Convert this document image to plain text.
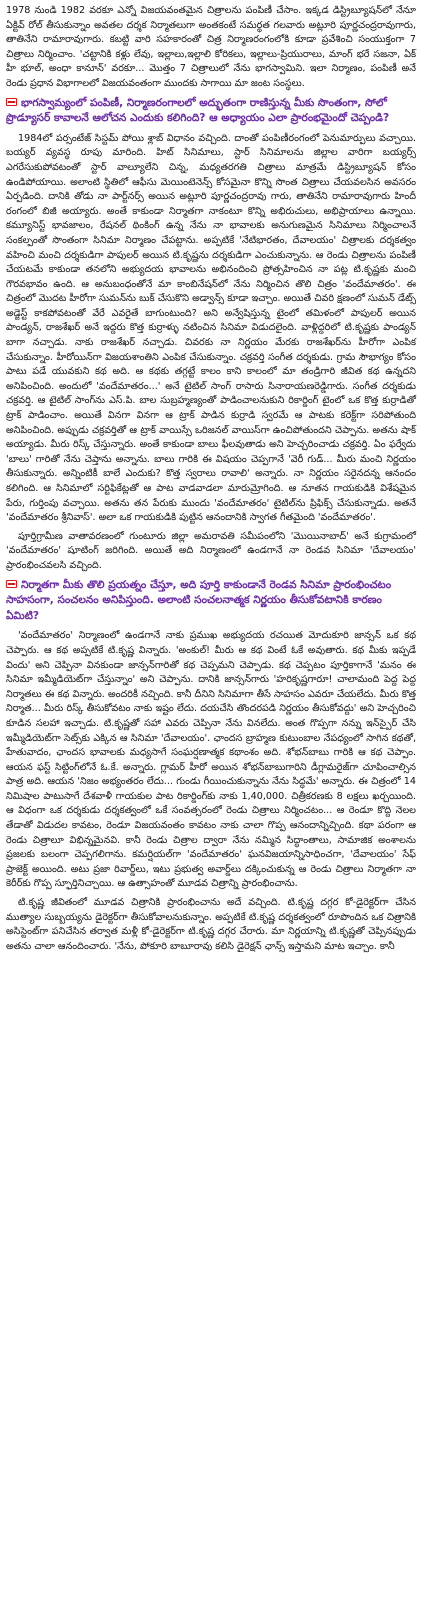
1978 నుండి 1982 వరకూ ఎన్నో విజయవంతమైన చిత్రాలను పంపిణీ చేసాం. ఇక్కడ డిస్ట్రిబ్యూషన్‌లో నేనూ ఏక్టివ్ రోల్ తీసుకున్నాం అవతల దర్శక నిర్మాతలుగా అంతకంటే సమర్థత గలవారు అట్లూరి పూర్ణచంద్రరావుగారు, తాతినేని రామారావుగారు. కబట్టి వారి సహకారంతో చిత్ర నిర్మాణరంగంలోకి కూడా ప్రవేశించి సంయుక్తంగా 7 చిత్రాలు నిర్మించాం. 'చట్టానికి కళ్లు లేవు, ఇల్లాలు,ఇల్లాలి కోరికలు, ఇల్లాలు-ప్రియురాలు, మాంగ్ భరే సజనా, ఏక్ హీ భూల్, అంధా కానూన్' వరకూ... మొత్తం 7 చిత్రాలులో నేను భాగస్వామిని. ఇలా నిర్మాణం, పంపిణీ అనే రెండు ప్రధాన విభాగాలలో విజయవంతంగా ముందకు సాగాయి మా జంట సంస్థలు.

భాగస్వామ్యంలో పంపిణీ, నిర్మాణరంగాలలో అద్భుతంగా రాణిస్తున్న మీకు సొంతంగా, సోలో ప్రొడ్యూసర్ కావాలనే ఆలోచన ఎందుకు కలిగింది? ఆ అధ్యాయం ఎలా ప్రారంభమైందో చెప్పండి?

1984లో పర్సంటేజ్ సిస్టమ్ పోయి శ్లాబ్ విధానం వచ్చింది. దాంతో పంపిణీరంగంలో పెనుమార్పులు వచ్చాయి. బయ్యర్ వ్యవస్థ రూపు మారింది. హిట్ సినిమాలు, స్టార్ సినిమాలను జిల్లాల వారిగా బయ్యర్స్ ఎగరేసుకుపోవటంతో స్టార్ వాల్యూలేని చిన్న, మధ్యతరగతి చిత్రాలు మాత్రమే డిస్ట్రిబ్యూషన్ కోసం ఉండిపోయాయి. అలాంటి స్థితిలో ఆఫీసు మెయింటెనెన్స్ కోసమైనా కొన్ని సొంత చిత్రాలు చేయవలసిన అవసరం ఏర్పడింది. దానికి తోడు నా పార్ట్‌నర్స్ అయిన అట్లూరి పూర్ణచంద్రరావు గారు, తాతినేని రామారావుగారు హిందీ రంగంలో బిజీ అయ్యారు. అంతే కాకుండా నిర్మాతగా నాకంటూ కొన్ని అభిరుచులు, అభిప్రాయాలు ఉన్నాయి. కమ్యూనిస్ట్ భావజాలం, రేషనల్ థింకింగ్ ఉన్న నేను నా భావాలకు అనుగుణమైన సినిమాలు నిర్మించాలనే సంకల్పంతో సొంతంగా సినిమా నిర్మాణం చేపట్టాను. అప్పటికే 'నేటిభారతం, దేవాలయం' చిత్రాలకు దర్శకత్వం వహించి మంచి దర్శకుడిగా పాపులర్ అయిన టి.కృష్ణను దర్శకుడిగా ఎంచుకున్నాను. ఆ రెండు చిత్రాలను పంపిణీ చేయటమే కాకుండా తనలోని అభ్యుదయ భావాలను అభినందించి ప్రోత్సహించిన నా పట్ల టి.కృష్ణకు మంచి గౌరవభావం ఉంది. ఆ అనుబంధంతోనే మా కాంబినేషన్‌లో నేను నిర్మించిన తొలి చిత్రం 'వందేమాతరం'. ఈ చిత్రంలో మొదట హీరోగా సుమన్‌ను బుక్ చేసుకొని అడ్వాన్స్ కూడా ఇచ్చాం. అయితే చివరి క్షణంలో సుమన్ డేట్స్ అడ్జెస్ట్ కాకపోవటంతో వేరే ఎవరైతే బాగుంటుంది? అని అన్వేషిస్తున్న టైంలో తమిళంలో పాపులర్ అయిన పాండ్యన్, రాజశేఖర్ అనే ఇద్దరు కొత్త కుర్రాళ్ళు నటించిన సినిమా విడుదలైంది. వాళ్లిద్దరిలో టి.కృష్ణకు పాండ్యన్ బాగా నచ్చాడు. నాకు రాజశేఖర్ నచ్చాడు. చివరకు నా నిర్ణయం మేరకు రాజశేఖర్‌ను హీరోగా ఎంపిక చేసుకున్నాం. హీరోయిన్‌గా విజయశాంతిని ఎంపిక చేసుకున్నాం. చక్రవర్తి సంగీత దర్శకుడు. గ్రామ సౌభాగ్యం కోసం పాటు పడే యువకుని కథ అది. ఆ కథకు తగ్గట్టే కాలం కాని కాలంలో మా తండ్రిగారి జీవిత కథ ఉన్నదని అనిపించింది. అందులో 'వందేమాతరం...' అనే టైటిల్ సాంగ్ రాసారు సినారాయణరెడ్డిగారు. సంగీత దర్శకుడు చక్రవర్తి. ఆ టైటిల్ సాంగ్‌ను ఎస్.పి. బాల సుబ్రహ్మణ్యంతో పాడించాలనుకుని రికార్డింగ్ టైంలో ఒక కొత్త కుర్రాడితో ట్రాక్ పాడించాం. అయితే వినగా వినగా ఆ ట్రాక్ పాడిన కుర్రాడి స్వరమే ఆ పాటకు కరెక్ట్‌గా సరిపోతుంది అనిపించింది. అప్పుడు చక్రవర్తితో ఆ ట్రాక్ వాయిస్సే ఒరిజనల్ వాయిస్‌గా ఉంచిపోతుందని చెప్పాను. అతను షాక్ అయ్యాడు. మీరు రిస్క్ చేస్తున్నారు. అంతే కాకుండా బాలు ఫీలవుతాడు అని హెచ్చరించాడు చక్రవర్తి. ఏం ఫర్వేదు 'బాలు' గారితో నేను చెప్తాను అన్నాను. బాలు గారికి ఈ విషయం చెప్పగానే 'వెరీ గుడ్... మీరు మంచి నిర్ణయం తీసుకున్నారు. అన్నింటికీ బాలే ఎందుకు? కొత్త స్వరాలు రావాలి' అన్నారు. నా నిర్ణయం సరైనదన్న ఆనందం కలిగింది. ఆ సినిమాలో సర్టిఫికేట్లతో ఆ పాట వాడవాడలా మారుమ్రోగింది. ఆ నూతన గాయకుడికి విశేషమైన పేరు, గుర్తింపు వచ్చాయి. అతను తన పేరుకు ముందు 'వందేమాతరం' టైటిల్‌ను ప్రిఫిక్స్ చేసుకున్నాడు. అతనే 'వందేమాతరం శ్రీనివాస్'. అలా ఒక గాయకుడికి పుట్టిన ఆనందానికి స్వాగత గీతమైంది 'వందేమాతరం'.

పూర్తిగ్రామీణ వాతావరణంలో గుంటూరు జిల్లా అమరావతి సమీపంలోని 'మొయినాబాద్' అనే కుగ్రామంలో 'వందేమాతరం' షూటింగ్ జరిగింది. అయితే అది నిర్మాణంలో ఉండగానే నా రెండవ సినిమా 'దేవాలయం' ప్రారంభించవలసి వచ్చింది.

నిర్మాతగా మీకు తొలి ప్రయత్నం చేస్తూ, అది పూర్తి కాకుండానే రెండవ సినిమా ప్రారంభించటం సాహసంగా, సంచలనం అనిపిస్తుంది. అలాంటి సంచలనాత్మక నిర్ణయం తీసుకోవటానికి కారణం ఏమిటి?

'వందేమాతరం' నిర్మాణంలో ఉండగానే నాకు ప్రముఖ అభ్యుదయ రచయిత మోదుకూరి జాన్సన్ ఒక కథ చెప్పారు. ఆ కథ అప్పటికే టి.కృష్ణ విన్నారు. 'అంకుల్! మీరు ఆ కథ వింటే ఓకే అవుతారు. కథ మీకు ఇప్పడే విందు' అని చెప్పినా వినకుండా జాన్సన్‌గారితో కథ చెప్పమని చెప్పాడు. కథ చెప్పటం పూర్తికాగానే 'మనం ఈ సినిమా ఇమ్మీడియెట్‌గా చేస్తున్నాం' అని చెప్పాను. దానికి జాన్సన్‌గారు 'హరికృష్ణగారూ! చాలామంది పెద్ద పెద్ద నిర్మాతలు ఈ కథ విన్నారు. అందరికీ నచ్చింది. కానీ దీనిని సినిమాగా తీసే సాహసం ఎవరూ చేయలేదు. మీరు కొత్త నిర్మాత... మీరు రిస్క్ తీసుకోవటం నాకు ఇష్టం లేదు. దయచేసి తొందరపడి నిర్ణయం తీసుకోవద్దు' అని హెచ్చరించి కూడిన సలహా ఇచ్చాడు. టి.కృష్ణతో సహా ఎవరు చెప్పినా నేను వినలేదు. అంత గొప్పగా నన్ను ఇన్‌స్పైర్ చేసి ఇమ్మీడియెట్‌గా సెట్స్‌కు ఎక్కిన ఆ సినిమా 'దేవాలయం'. ఛాందస బ్రాహ్మణ కుటుంబాల నేపధ్యంలో సాగిన కథతో, హేతువాదం, ఛాందస భావాలకు మధ్యసాగే సంఘర్షణాత్మక కథాంశం అది. శోభన్‌బాబు గారికి ఆ కథ చెప్పాం. ఆయన ఫస్ట్ సిట్టింగ్‌లోనే ఓ.కే. అన్నారు. గ్లామర్ హీరో అయిన శోభన్‌బాబుగారిని డీగ్లామరైజ్‌గా చూపించాల్సిన పాత్ర అది. ఆయన 'నిజం అభ్యంతరం లేదు... గుండు గీయించుకున్నాను నేను సిద్ధమే' అన్నారు. ఈ చిత్రంలో 14 నిమిషాల పాటుసాగే దేశవాళీ గాయకుల పాట రికార్డింగ్‌కు నాకు 1,40,000. చిత్రీకరణకు 8 లక్షలు ఖర్చయింది. ఆ విధంగా ఒక దర్శకుడు దర్శకత్వంలో ఒకే సంవత్సరంలో రెండు చిత్రాలు నిర్మించటం... ఆ రెండూ కొద్ది నెలల తేడాతో విడుదల కావటం, రెండూ విజయవంతం కావటం నాకు చాలా గొప్ప ఆనందాన్నిచ్చింది. కథా పరంగా ఆ రెండు చిత్రాలూ విభిన్నమైనవి. కానీ రెండు చిత్రాల ద్వారా నేను నమ్మిన సిద్ధాంతాలు, సామాజిక అంశాలను ప్రజలకు బలంగా చెప్పగలిగాను. కమర్షియల్‌గా 'వందేమాతరం' ఘనవిజయాన్నిసాధించగా, 'దేవాలయం' సేఫ్ ప్రాజెక్ట్ అయింది. అటు ప్రజా రివార్డ్‌లు, ఇటు ప్రభుత్వ అవార్డ్‌లు దక్కించుకున్న ఆ రెండు చిత్రాలు నిర్మాతగా నా కెరీర్‌కు గొప్ప స్ఫూర్తినిచ్చాయి. ఆ ఉత్సాహంతో మూడవ చిత్రాన్ని ప్రారంభించాను.

టి.కృష్ణ జీవితంలో మూడవ చిత్రానికి ప్రారంభించాను అదే వచ్చింది. టి.కృష్ణ దగ్గర కో-డైరెక్టర్‌గా చేసిన ముత్యాల సుబ్బయ్యను డైరెక్టర్‌గా తీసుకోవాలనుకున్నాం. అప్పటికే టి.కృష్ణ దర్శకత్వంలో రూపొందిన ఒక చిత్రానికి అసిస్టెంట్‌గా పనిచేసిన తర్వాత మళ్లీ కో-డైరెక్టర్‌గా టి.కృష్ణ దగ్గర చేరారు. మా నిర్ణయాన్ని టి.కృష్ణతో చెప్పినప్పుడు అతను చాలా ఆనందించారు. 'నేను, పోకూరి బాబూరావు కలిసి డైరెక్షన్ ఛాన్స్ ఇస్తామని మాట ఇచ్చాం. కానీ
